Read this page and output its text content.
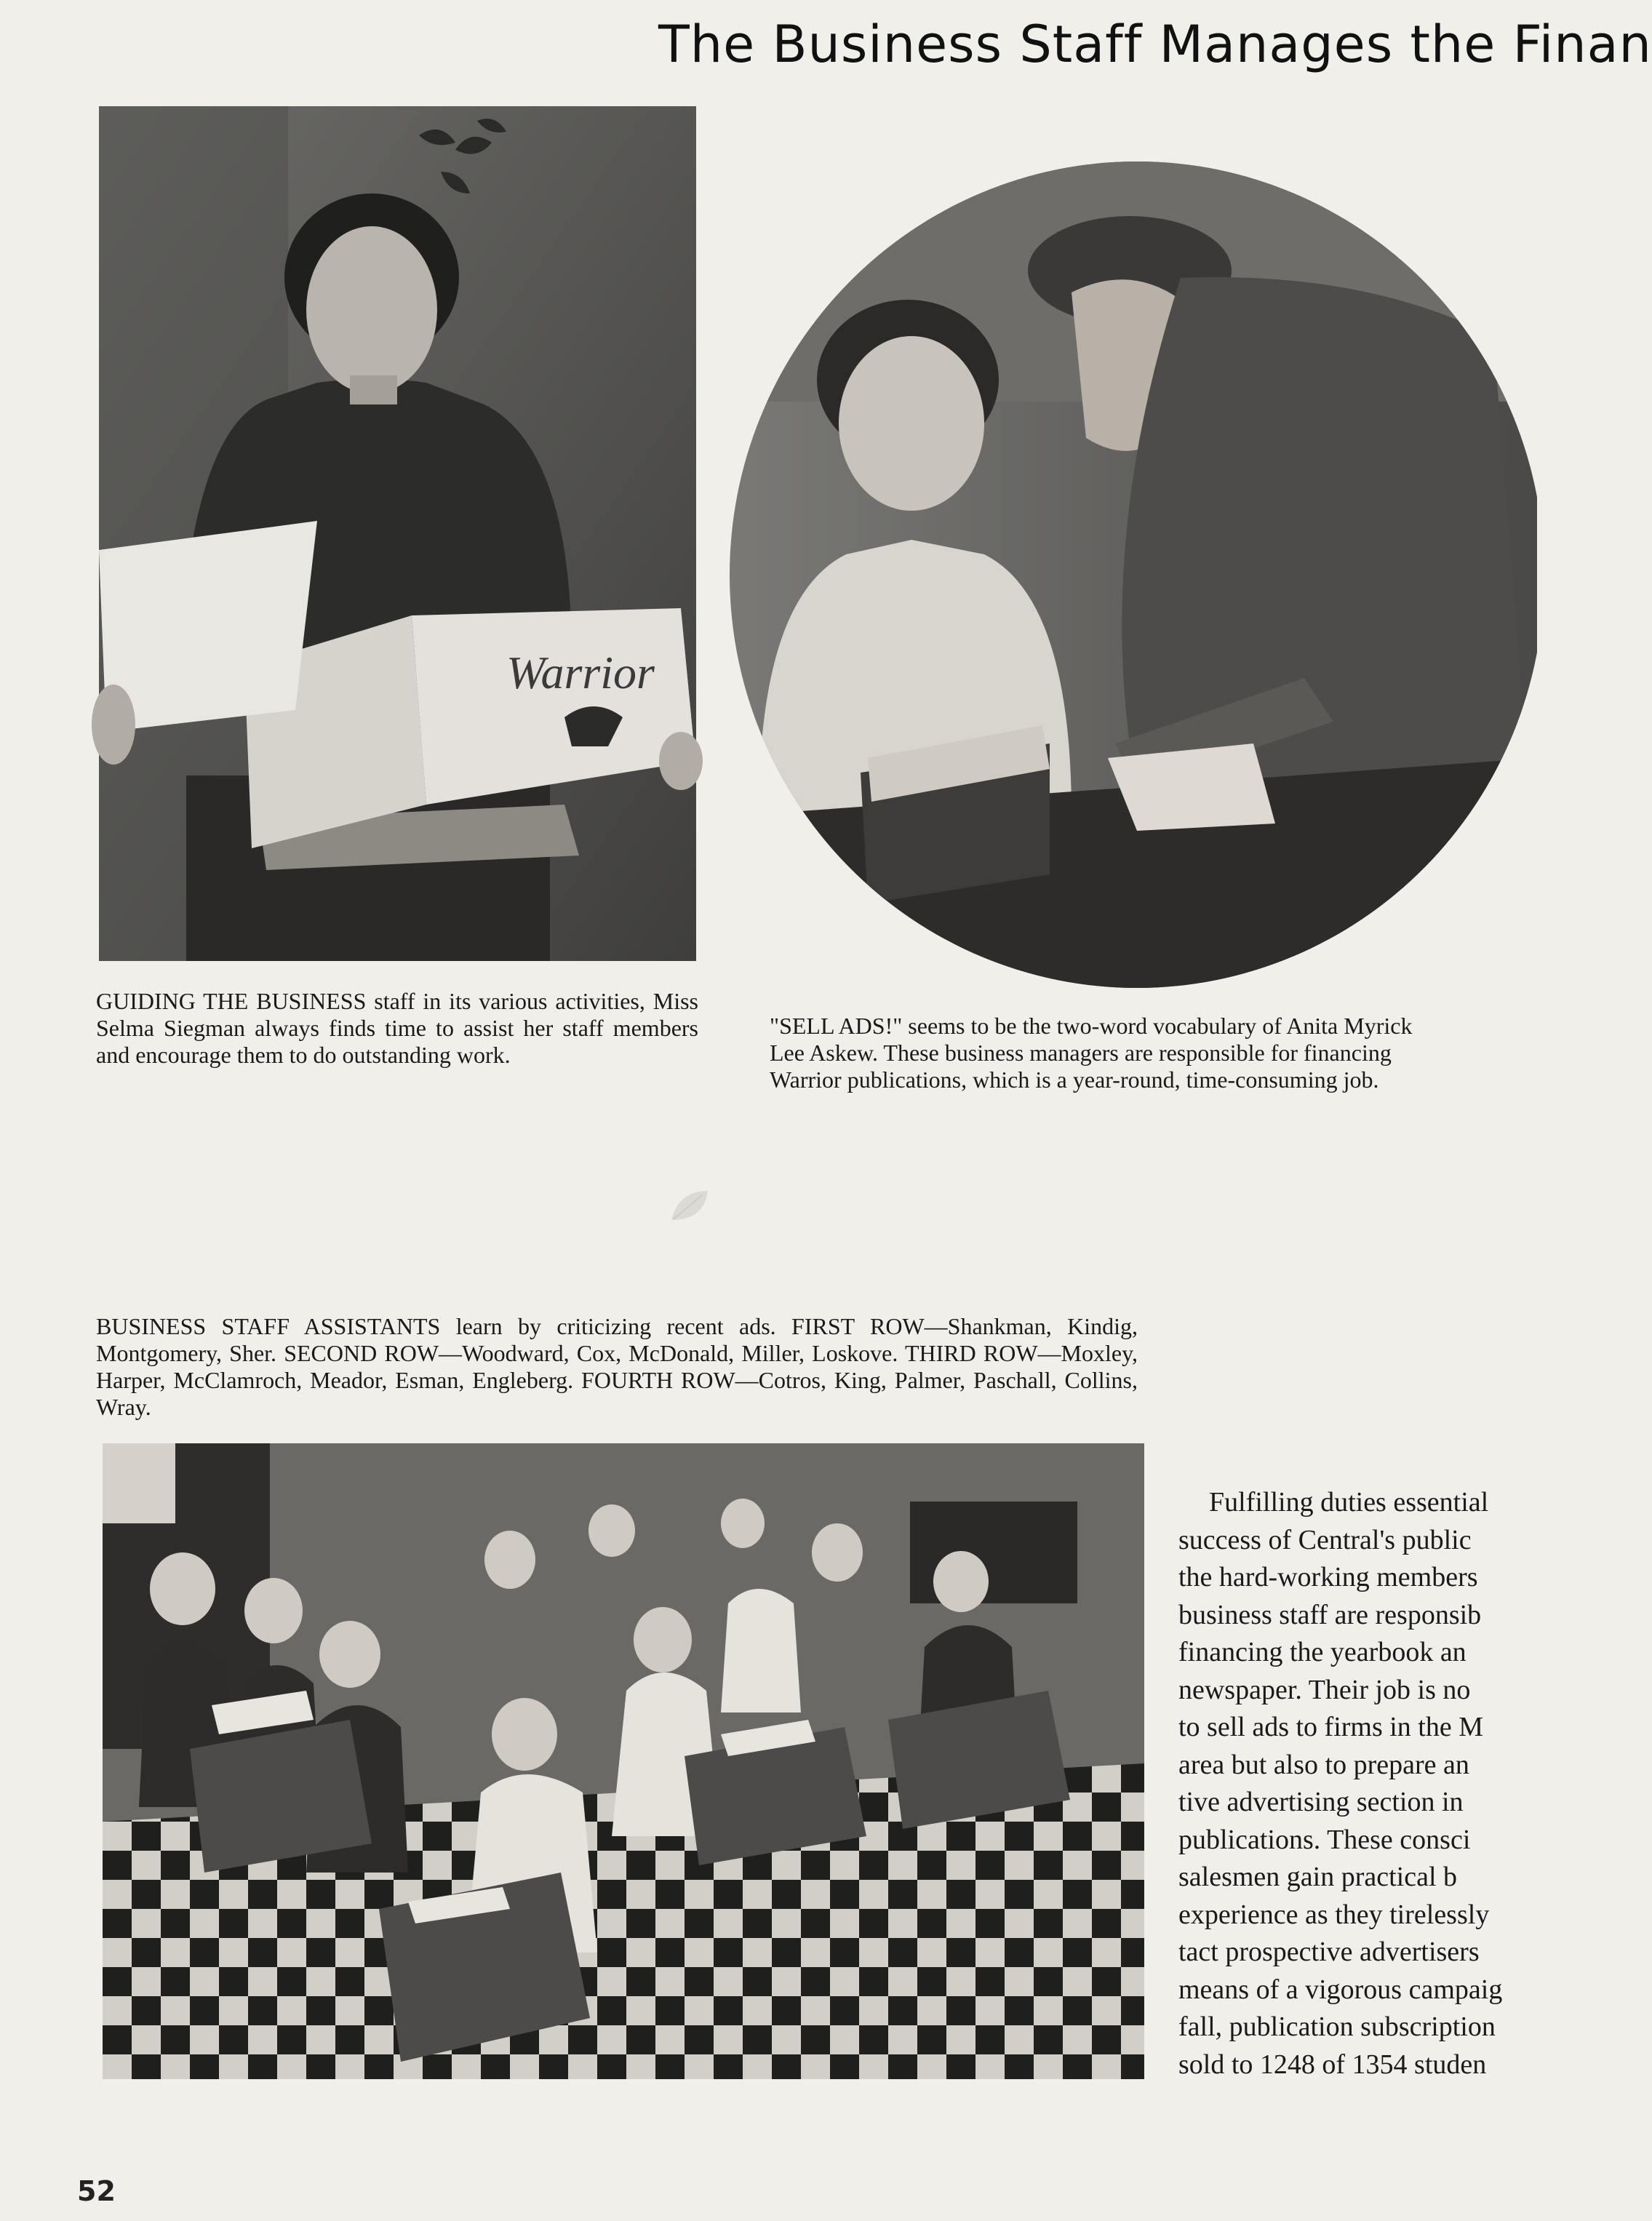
The Business Staff Manages the Finan
Warrior
GUIDING THE BUSINESS staff in its various activities, Miss Selma Siegman always finds time to assist her staff members and encourage them to do outstanding work.
"SELL ADS!" seems to be the two-word vocabulary of Anita Myrick
Lee Askew. These business managers are responsible for financing
Warrior publications, which is a year-round, time-consuming job.
BUSINESS STAFF ASSISTANTS learn by criticizing recent ads. FIRST ROW—Shankman, Kindig, Montgomery, Sher. SECOND ROW—Woodward, Cox, McDonald, Miller, Loskove. THIRD ROW—Moxley, Harper, McClamroch, Meador, Esman, Engleberg. FOURTH ROW—Cotros, King, Palmer, Paschall, Collins, Wray.
Fulfilling duties essential
success of Central's public
the hard-working members
business staff are responsib
financing the yearbook an
newspaper. Their job is no
to sell ads to firms in the M
area but also to prepare an
tive advertising section in
publications. These consci
salesmen gain practical b
experience as they tirelessly
tact prospective advertisers
means of a vigorous campaig
fall, publication subscription
sold to 1248 of 1354 studen
52
